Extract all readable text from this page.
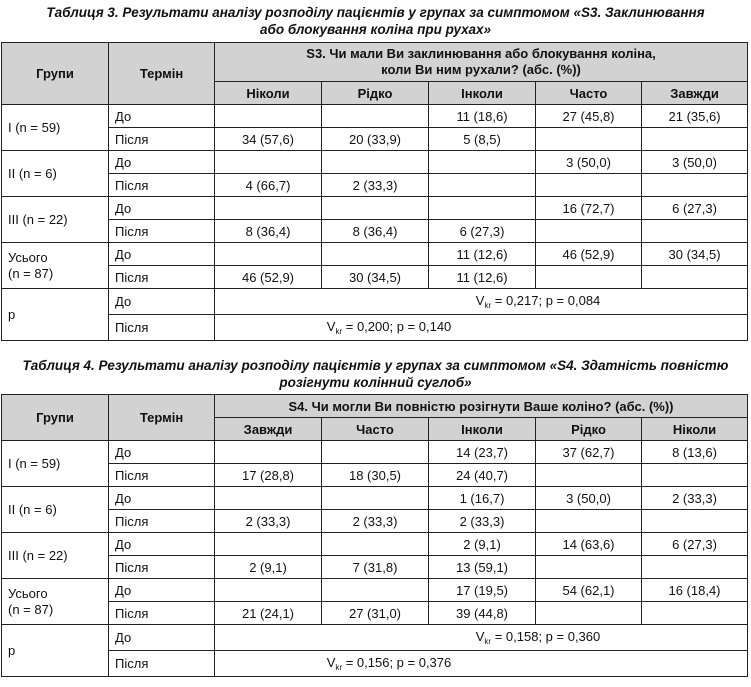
Таблиця 3. Результати аналізу розподілу пацієнтів у групах за симптомом «S3. Заклинювання
або блокування коліна при рухах»
Групи	Термін	S3. Чи мали Ви заклинювання або блокування коліна,
коли Ви ним рухали? (абс. (%))				

		Ніколи	Рідко	Інколи	Часто	Завжди
I (n = 59)	До			11 (18,6)	27 (45,8)	21 (35,6)
	Після	34 (57,6)	20 (33,9)	5 (8,5)		
II (n = 6)	До				3 (50,0)	3 (50,0)
	Після	4 (66,7)	2 (33,3)			
III (n = 22)	До				16 (72,7)	6 (27,3)
	Після	8 (36,4)	8 (36,4)	6 (27,3)		

Усього
(n = 87)	До			11 (12,6)	46 (52,9)	30 (34,5)
	Після	46 (52,9)	30 (34,5)	11 (12,6)		
p	До	$V_{kr} = 0,217$; p = 0,084				
	Після	$V_{kr} = 0,200$; p = 0,140				
Таблиця 4. Результати аналізу розподілу пацієнтів у групах за симптомом «S4. Здатність повністю
розігнути колінний суглоб»
Групи	Термін	S4. Чи могли Ви повністю розігнути Ваше коліно? (абс. (%))				
		Завжди	Часто	Інколи	Рідко	Ніколи
I (n = 59)	До			14 (23,7)	37 (62,7)	8 (13,6)
	Після	17 (28,8)	18 (30,5)	24 (40,7)		
II (n = 6)	До			1 (16,7)	3 (50,0)	2 (33,3)
	Після	2 (33,3)	2 (33,3)	2 (33,3)		
III (n = 22)	До			2 (9,1)	14 (63,6)	6 (27,3)
	Після	2 (9,1)	7 (31,8)	13 (59,1)		

Усього
(n = 87)	До			17 (19,5)	54 (62,1)	16 (18,4)
	Після	21 (24,1)	27 (31,0)	39 (44,8)		
p	До	$V_{kr} = 0,158$; p = 0,360				
	Після	$V_{kr} = 0,156$; p = 0,376				
